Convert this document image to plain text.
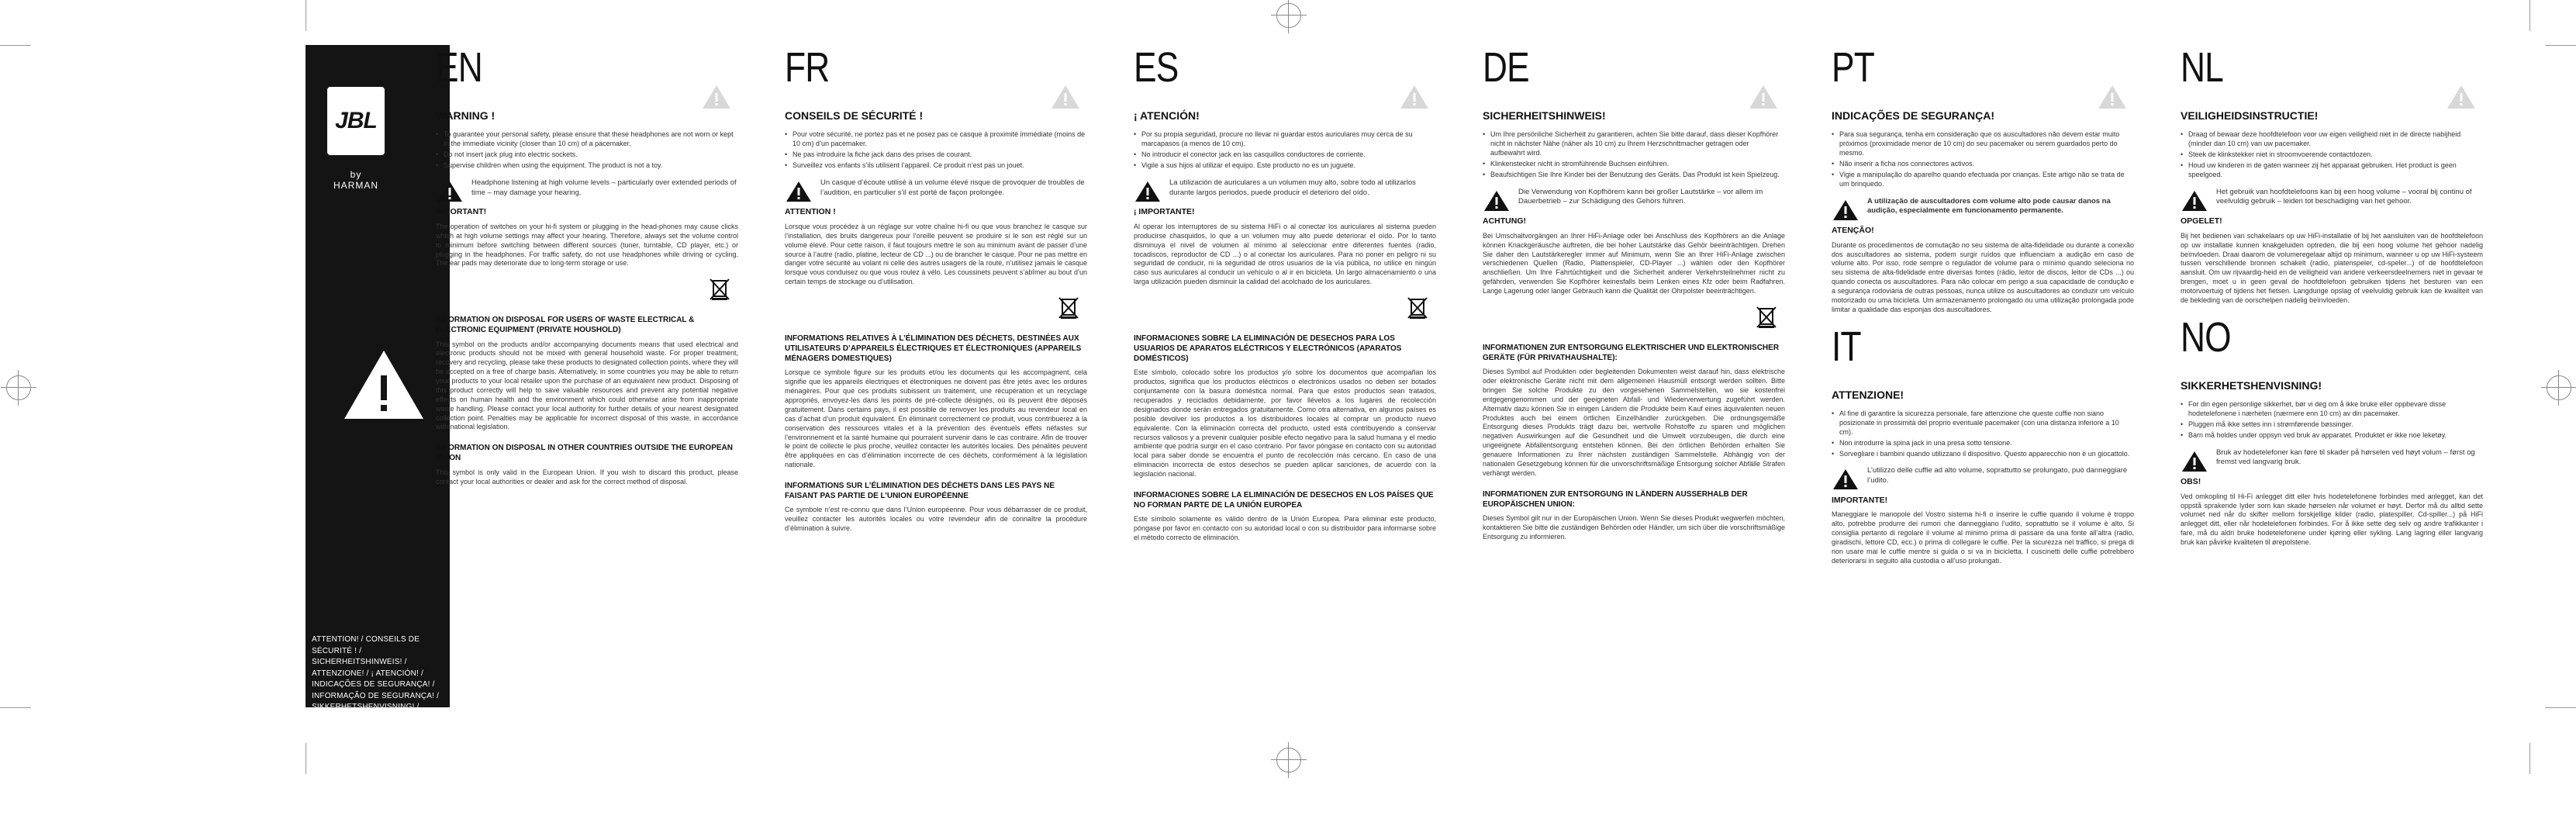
JBL
by HARMAN
ATTENTION! / CONSEILS DE SÉCURITÉ ! / SICHERHEITSHINWEIS! / ATTENZIONE! / ¡ ATENCIÓN! / INDICAÇÕES DE SEGURANÇA! / INFORMAÇÃO DE SEGURANÇA! / SIKKERHETSHENVISNING! / SÄKERHETSANVISNINGAR! / TURVALLISUUSOHJE! / VEILIGHEIDSINSTRUCTIE! / WSKAZÓWKA BEZPIECZEŃSTWA! / BEZPEČNOSTNÍ POKYN! / POZOR! / BIZTONSÁGI TUDNIVALÓK! / UYARI! / УКАЗАНИЕ ПО МЕРАМ БЕЗОПАСНОСТИ! / 警告! / 安全提示! / 경고!
EN
WARNING !
• To guarantee your personal safety, please ensure that these headphones are not worn or kept in the immediate vicinity (closer than 10 cm) of a pacemaker.
• Do not insert jack plug into electric sockets.
• Supervise children when using the equipment. The product is not a toy.
Headphone listening at high volume levels – particularly over extended periods of time – may damage your hearing.
IMPORTANT!

The operation of switches on your hi-fi system or plugging in the head-phones may cause clicks which at high volume settings may affect your hearing. Therefore, always set the volume control to minimum before switching between different sources (tuner, turntable, CD player, etc.) or plugging in the headphones. For traffic safety, do not use headphones while driving or cycling. The ear pads may deteriorate due to long-term storage or use.

INFORMATION ON DISPOSAL FOR USERS OF WASTE ELECTRICAL & ELECTRONIC EQUIPMENT (PRIVATE HOUSHOLD)

This symbol on the products and/or accompanying documents means that used electrical and electronic products should not be mixed with general household waste. For proper treatment, recovery and recycling, please take these products to designated collection points, where they will be accepted on a free of charge basis. Alternatively, in some countries you may be able to return your products to your local retailer upon the purchase of an equivalent new product. Disposing of this product correctly will help to save valuable resources and prevent any potential negative effects on human health and the environment which could otherwise arise from inappropriate waste handling. Please contact your local authority for further details of your nearest designated collection point. Penalties may be applicable for incorrect disposal of this waste, in accordance with national legislation.

INFORMATION ON DISPOSAL IN OTHER COUNTRIES OUTSIDE THE EUROPEAN UNION

This symbol is only valid in the European Union. If you wish to discard this product, please contact your local authorities or dealer and ask for the correct method of disposal.

FR
CONSEILS DE SÉCURITÉ !
• Pour votre sécurité, ne portez pas et ne posez pas ce casque à proximité immédiate (moins de 10 cm) d’un pacemaker.
• Ne pas introduire la fiche jack dans des prises de courant.
• Surveillez vos enfants s’ils utilisent l’appareil. Ce produit n’est pas un jouet.
Un casque d’écoute utilisé à un volume élevé risque de provoquer de troubles de l’audition, en particulier s’il est porté de façon prolongée.
ATTENTION !

Lorsque vous procédez à un réglage sur votre chaîne hi-fi ou que vous branchez le casque sur l’installation, des bruits dangereux pour l’oreille peuvent se produire si le son est réglé sur un volume élevé. Pour cette raison, il faut toujours mettre le son au minimum avant de passer d’une source à l’autre (radio, platine, lecteur de CD ...) ou de brancher le casque. Pour ne pas mettre en danger votre sécurité au volant ni celle des autres usagers de la route, n’utilisez jamais le casque lorsque vous conduisez ou que vous roulez à vélo. Les coussinets peuvent s’abîmer au bout d’un certain temps de stockage ou d’utilisation.

INFORMATIONS RELATIVES À L’ÉLIMINATION DES DÉCHETS, DESTINÉES AUX UTILISATEURS D’APPAREILS ÉLECTRIQUES ET ÉLECTRONIQUES (APPAREILS MÉNAGERS DOMESTIQUES)

Lorsque ce symbole figure sur les produits et/ou les documents qui les accompagnent, cela signifie que les appareils électriques et électroniques ne doivent pas être jetés avec les ordures ménagères. Pour que ces produits subissent un traitement, une récupération et un recyclage appropriés, envoyez-les dans les points de pré-collecte désignés, où ils peuvent être déposés gratuitement. Dans certains pays, il est possible de renvoyer les produits au revendeur local en cas d’achat d’un produit équivalent. En éliminant correctement ce produit, vous contribuerez à la conservation des ressources vitales et à la prévention des éventuels effets néfastes sur l’environnement et la santé humaine qui pourraient survenir dans le cas contraire. Afin de trouver le point de collecte le plus proche, veuillez contacter les autorités locales. Des pénalités peuvent être appliquées en cas d’élimination incorrecte de ces déchets, conformément à la législation nationale.

INFORMATIONS SUR L’ÉLIMINATION DES DÉCHETS DANS LES PAYS NE FAISANT PAS PARTIE DE L’UNION EUROPÉENNE

Ce symbole n’est re-connu que dans l’Union européenne. Pour vous débarrasser de ce produit, veuillez contacter les autorités locales ou votre revendeur afin de connaître la procédure d’élimination à suivre.

ES
¡ ATENCIÓN!
• Por su propia seguridad, procure no llevar ni guardar estos auriculares muy cerca de su marcapasos (a menos de 10 cm).
• No introducir el conector jack en las casquillos conductores de corriente.
• Vigile a sus hijos al utilizar el equipo. Este producto no es un juguete.
La utilización de auriculares a un volumen muy alto, sobre todo al utilizarlos durante largos periodos, puede producir el deterioro del oído.
¡ IMPORTANTE!

Al operar los interruptores de su sistema HiFi o al conectar los auriculares al sistema pueden producirse chasquidos, lo que a un volumen muy alto puede deteriorar el oído. Por lo tanto disminuya el nivel de volumen al mínimo al seleccionar entre diferentes fuentes (radio, tocadiscos, reproductor de CD ...) o al conectar los auriculares. Para no poner en peligro ni su seguridad de conducir, ni la seguridad de otros usuarios de la vía pública, no utilice en ningún caso sus auriculares al conducir un vehículo o al ir en bicicleta. Un largo almacenamiento o una larga utilización pueden disminuir la calidad del acolchado de los auriculares.

INFORMACIONES SOBRE LA ELIMINACIÓN DE DESECHOS PARA LOS USUARIOS DE APARATOS ELÉCTRICOS Y ELECTRÓNICOS (APARATOS DOMÉSTICOS)

Este símbolo, colocado sobre los productos y/o sobre los documentos que acompañan los productos, significa que los productos eléctricos o electrónicos usados no deben ser botados conjuntamente con la basura doméstica normal. Para que estos productos sean tratados, recuperados y reciclados debidamente, por favor llévelos a los lugares de recolección designados donde serán entregados gratuitamente. Como otra alternativa, en algunos países es posible devolver los productos a los distribuidores locales al comprar un producto nuevo equivalente. Con la eliminación correcta del producto, usted está contribuyendo a conservar recursos valiosos y a prevenir cualquier posible efecto negativo para la salud humana y el medio ambiente que podría surgir en el caso contrario. Por favor póngase en contacto con su autoridad local para saber donde se encuentra el punto de recolección más cercano. En caso de una eliminación incorrecta de estos desechos se pueden aplicar sanciones, de acuerdo con la legislación nacional.

INFORMACIONES SOBRE LA ELIMINACIÓN DE DESECHOS EN LOS PAÍSES QUE NO FORMAN PARTE DE LA UNIÓN EUROPEA

Este símbolo solamente es válido dentro de la Unión Europea. Para eliminar este producto, póngase por favor en contacto con su autoridad local o con su distribuidor para informarse sobre el método correcto de eliminación.

DE
SICHERHEITSHINWEIS!
• Um Ihre persönliche Sicherheit zu garantieren, achten Sie bitte darauf, dass dieser Kopfhörer nicht in nächster Nähe (näher als 10 cm) zu Ihrem Herzschrittmacher getragen oder aufbewahrt wird.
• Klinkenstecker nicht in stromführende Buchsen einführen.
• Beaufsichtigen Sie Ihre Kinder bei der Benutzung des Geräts. Das Produkt ist kein Spielzeug.
Die Verwendung von Kopfhörern kann bei großer Lautstärke – vor allem im Dauerbetrieb – zur Schädigung des Gehörs führen.
ACHTUNG!

Bei Umschaltvorgängen an Ihrer HiFi-Anlage oder bei Anschluss des Kopfhörers an die Anlage können Knackgeräusche auftreten, die bei hoher Lautstärke das Gehör beeinträchtigen. Drehen Sie daher den Lautstärkeregler immer auf Minimum, wenn Sie an Ihrer HiFi-Anlage zwischen verschiedenen Quellen (Radio, Plattenspieler, CD-Player ...) wählen oder den Kopfhörer anschließen. Um Ihre Fahrtüchtigkeit und die Sicherheit anderer Verkehrsteilnehmer nicht zu gefährden, verwenden Sie Kopfhörer keinesfalls beim Lenken eines Kfz oder beim Radfahren. Lange Lagerung oder langer Gebrauch kann die Qualität der Ohrpolster beeinträchtigen.

INFORMATIONEN ZUR ENTSORGUNG ELEKTRISCHER UND ELEKTRONISCHER GERÄTE (FÜR PRIVATHAUSHALTE):

Dieses Symbol auf Produkten oder begleitenden Dokumenten weist darauf hin, dass elektrische oder elektronische Geräte nicht mit dem allgemeinen Hausmüll entsorgt werden sollten. Bitte bringen Sie solche Produkte zu den vorgesehenen Sammelstellen, wo sie kostenfrei entgegengenommen und der geeigneten Abfall- und Wiederverwertung zugeführt werden. Alternativ dazu können Sie in einigen Ländern die Produkte beim Kauf eines äquivalenten neuen Produktes auch bei einem örtlichen Einzelhändler zurückgeben. Die ordnungsgemäße Entsorgung dieses Produkts trägt dazu bei, wertvolle Rohstoffe zu sparen und möglichen negativen Auswirkungen auf die Gesundheit und die Umwelt vorzubeugen, die durch eine ungeeignete Abfallentsorgung entstehen können. Bei den örtlichen Behörden erhalten Sie genauere Informationen zu Ihrer nächsten zuständigen Sammelstelle. Abhängig von der nationalen Gesetzgebung können für die unvorschriftsmäßige Entsorgung solcher Abfälle Strafen verhängt werden.

INFORMATIONEN ZUR ENTSORGUNG IN LÄNDERN AUSSERHALB DER EUROPÄISCHEN UNION:

Dieses Symbol gilt nur in der Europäischen Union. Wenn Sie dieses Produkt wegwerfen möchten, kontaktieren Sie bitte die zuständigen Behörden oder Händler, um sich über die vorschriftsmäßige Entsorgung zu informieren.

PT
INDICAÇÕES DE SEGURANÇA!
• Para sua segurança, tenha em consideração que os auscultadores não devem estar muito próximos (proximidade menor de 10 cm) do seu pacemaker ou serem guardados perto do mesmo.
• Não inserir a ficha nos connectores activos.
• Vigie a manipulação do aparelho quando efectuada por crianças. Este artigo não se trata de um brinquedo.
A utilização de auscultadores com volume alto pode causar danos na audição, especialmente em funcionamento permanente.
ATENÇÃO!

Durante os procedimentos de comutação no seu sistema de alta-fidelidade ou durante a conexão dos auscultadores ao sistema, podem surgir ruídos que influenciam a audição em caso de volume alto. Por isso, rode sempre o regulador de volume para o mínimo quando seleciona no seu sistema de alta-fidelidade entre diversas fontes (rádio, leitor de discos, leitor de CDs ...) ou quando conecta os auscultadores. Para não colocar em perigo a sua capacidade de condução e a segurança rodoviária de outras pessoas, nunca utilize os auscultadores ao conduzir um veículo motorizado ou uma bicicleta. Um armazenamento prolongado ou uma utilização prolongada pode limitar a qualidade das esponjas dos auscultadores.

IT
ATTENZIONE!
• Al fine di garantire la sicurezza personale, fare attenzione che queste cuffie non siano posizionate in prossimità del proprio eventuale pacemaker (con una distanza inferiore a 10 cm).
• Non introdurre la spina jack in una presa sotto tensione.
• Sorvegliare i bambini quando utilizzano il dispositivo. Questo apparecchio non è un giocattolo.
L’utilizzo delle cuffie ad alto volume, soprattutto se prolungato, può danneggiare l’udito.
IMPORTANTE!

Maneggiare le manopole del Vostro sistema hi-fi o inserire le cuffie quando il volume è troppo alto, potrebbe produrre dei rumori che danneggiano l’udito, soprattutto se il volume è alto. Si consiglia pertanto di regolare il volume al minimo prima di passare da una fonte all’altra (radio, giradischi, lettore CD, ecc.) o prima di collegare le cuffie. Per la sicurezza nel traffico, si prega di non usare mai le cuffie mentre si guida o si va in bicicletta. I cuscinetti delle cuffie potrebbero deteriorarsi in seguito alla custodia o all’uso prolungati.

NL
VEILIGHEIDSINSTRUCTIE!
• Draag of bewaar deze hoofdtelefoon voor uw eigen veiligheid niet in de directe nabijheid (minder dan 10 cm) van uw pacemaker.
• Steek de klinkstekker niet in stroomvoerende contactdozen.
• Houd uw kinderen in de gaten wanneer zij het apparaat gebruiken. Het product is geen speelgoed.
Het gebruik van hoofdtelefoons kan bij een hoog volume – vooral bij continu of veelvuldig gebruik – leiden tot beschadiging van het gehoor.
OPGELET!

Bij het bedienen van schakelaars op uw HiFi-installatie of bij het aansluiten van de hoofdtelefoon op uw installatie kunnen knakgeluiden optreden, die bij een hoog volume het gehoor nadelig beïnvloeden. Draai daarom de volumeregelaar altijd op minimum, wanneer u op uw HiFi-systeem tussen verschillende bronnen schakelt (radio, platenspeler, cd-speler...) of de hoofdtelefoon aansluit. Om uw rijvaardig-heid en de veiligheid van andere verkeersdeelnemers niet in gevaar te brengen, moet u in geen geval de hoofdtelefoon gebruiken tijdens het besturen van een motorvoertuig of tijdens het fietsen. Langdurige opslag of veelvuldig gebruik kan de kwaliteit van de bekleding van de oorschelpen nadelig beïnvloeden.

NO
SIKKERHETSHENVISNING!
• For din egen personlige sikkerhet, bør vi deg om å ikke bruke eller oppbevare disse hodetelefonene i nærheten (nærmere enn 10 cm) av din pacemaker.
• Pluggen må ikke settes inn i strømførende bøssinger.
• Barn må holdes under oppsyn ved bruk av apparatet. Produktet er ikke noe leketøy.
Bruk av hodetelefoner kan føre til skader på hørselen ved høyt volum – først og fremst ved langvarig bruk.
OBS!

Ved omkopling til Hi-Fi anlegget ditt eller hvis hodetelefonene forbindes med anlegget, kan det oppstå sprakende lyder som kan skade hørselen når volumet er høyt. Derfor må du alltid sette volumet ned når du skifter mellom forskjellige kilder (radio, platespiller, Cd-spiller...) på HiFi anlegget ditt, eller når hodetelefonen forbindes. For å ikke sette deg selv og andre trafikkanter i fare, må du aldri bruke hodetelefonene under kjøring eller sykling. Lang lagring eller langvarig bruk kan påvirke kvaliteten til ørepolstene.
